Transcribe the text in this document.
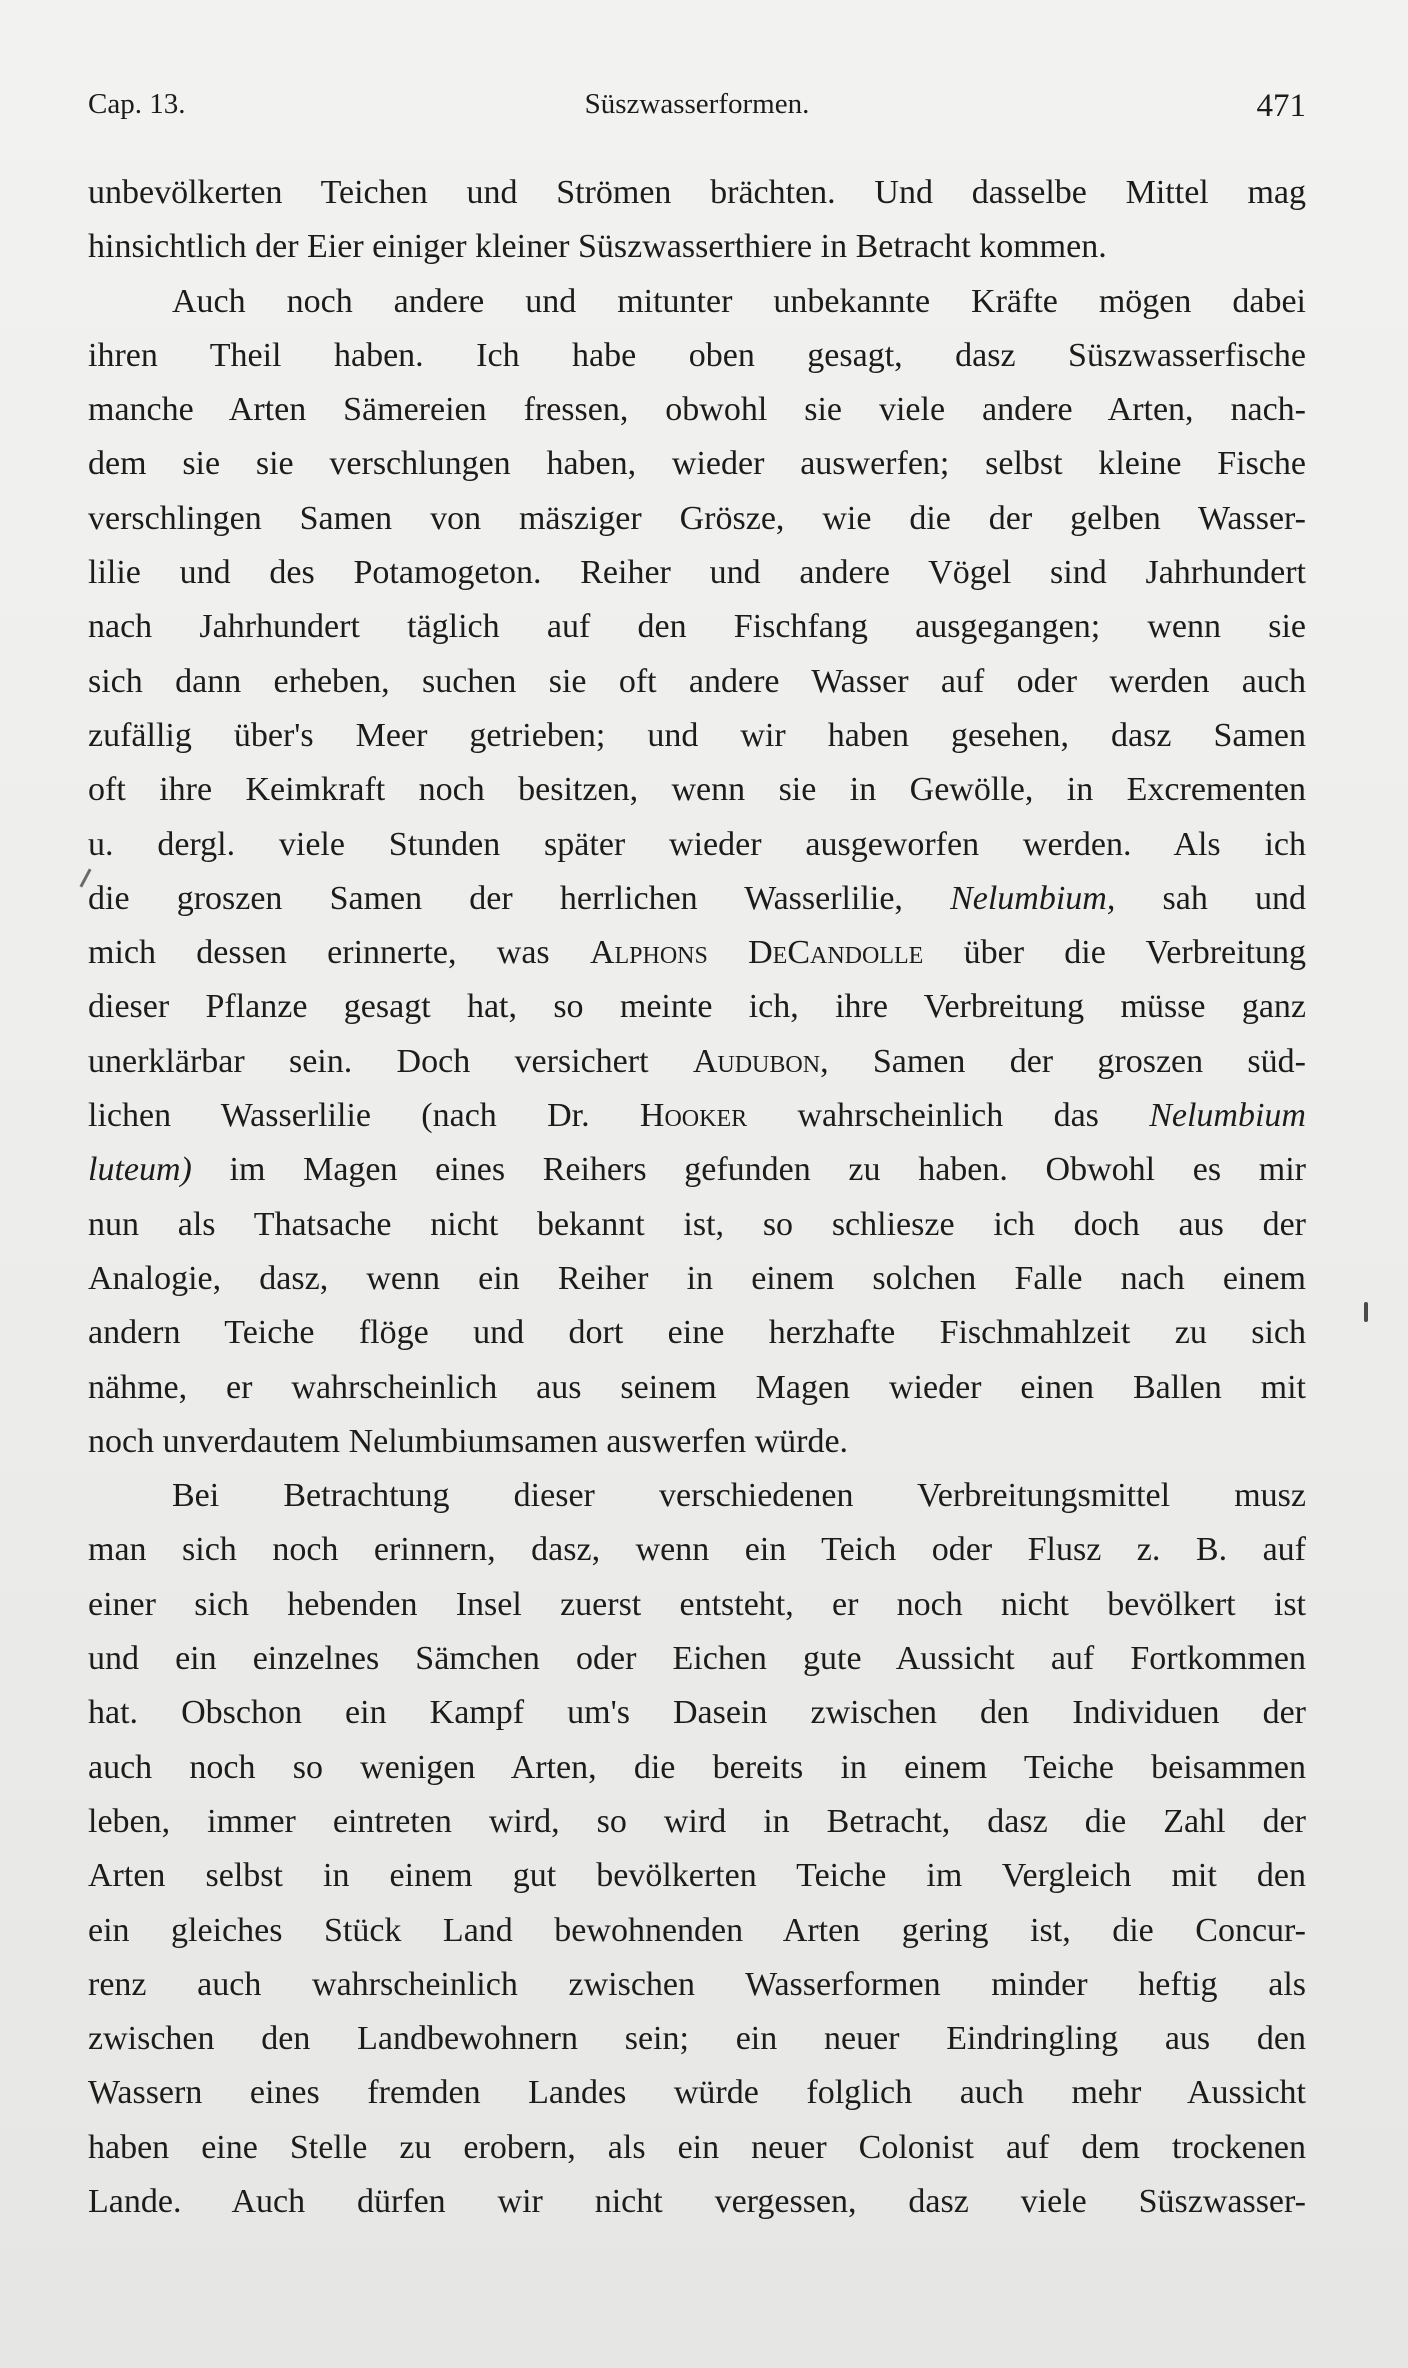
Cap. 13.	Süszwasserformen.	471
unbevölkerten Teichen und Strömen brächten. Und dasselbe Mittel mag
hinsichtlich der Eier einiger kleiner Süszwasserthiere in Betracht kommen.
Auch noch andere und mitunter unbekannte Kräfte mögen dabei
ihren Theil haben. Ich habe oben gesagt, dasz Süszwasserfische
manche Arten Sämereien fressen, obwohl sie viele andere Arten, nach-
dem sie sie verschlungen haben, wieder auswerfen; selbst kleine Fische
verschlingen Samen von mäsziger Grösze, wie die der gelben Wasser-
lilie und des Potamogeton. Reiher und andere Vögel sind Jahrhundert
nach Jahrhundert täglich auf den Fischfang ausgegangen; wenn sie
sich dann erheben, suchen sie oft andere Wasser auf oder werden auch
zufällig über's Meer getrieben; und wir haben gesehen, dasz Samen
oft ihre Keimkraft noch besitzen, wenn sie in Gewölle, in Excrementen
u. dergl. viele Stunden später wieder ausgeworfen werden. Als ich
die groszen Samen der herrlichen Wasserlilie, Nelumbium, sah und
mich dessen erinnerte, was Alphons DeCandolle über die Verbreitung
dieser Pflanze gesagt hat, so meinte ich, ihre Verbreitung müsse ganz
unerklärbar sein. Doch versichert Audubon, Samen der groszen süd-
lichen Wasserlilie (nach Dr. Hooker wahrscheinlich das Nelumbium
luteum) im Magen eines Reihers gefunden zu haben. Obwohl es mir
nun als Thatsache nicht bekannt ist, so schliesze ich doch aus der
Analogie, dasz, wenn ein Reiher in einem solchen Falle nach einem
andern Teiche flöge und dort eine herzhafte Fischmahlzeit zu sich
nähme, er wahrscheinlich aus seinem Magen wieder einen Ballen mit
noch unverdautem Nelumbiumsamen auswerfen würde.
Bei Betrachtung dieser verschiedenen Verbreitungsmittel musz
man sich noch erinnern, dasz, wenn ein Teich oder Flusz z. B. auf
einer sich hebenden Insel zuerst entsteht, er noch nicht bevölkert ist
und ein einzelnes Sämchen oder Eichen gute Aussicht auf Fortkommen
hat. Obschon ein Kampf um's Dasein zwischen den Individuen der
auch noch so wenigen Arten, die bereits in einem Teiche beisammen
leben, immer eintreten wird, so wird in Betracht, dasz die Zahl der
Arten selbst in einem gut bevölkerten Teiche im Vergleich mit den
ein gleiches Stück Land bewohnenden Arten gering ist, die Concur-
renz auch wahrscheinlich zwischen Wasserformen minder heftig als
zwischen den Landbewohnern sein; ein neuer Eindringling aus den
Wassern eines fremden Landes würde folglich auch mehr Aussicht
haben eine Stelle zu erobern, als ein neuer Colonist auf dem trockenen
Lande. Auch dürfen wir nicht vergessen, dasz viele Süszwasser-
